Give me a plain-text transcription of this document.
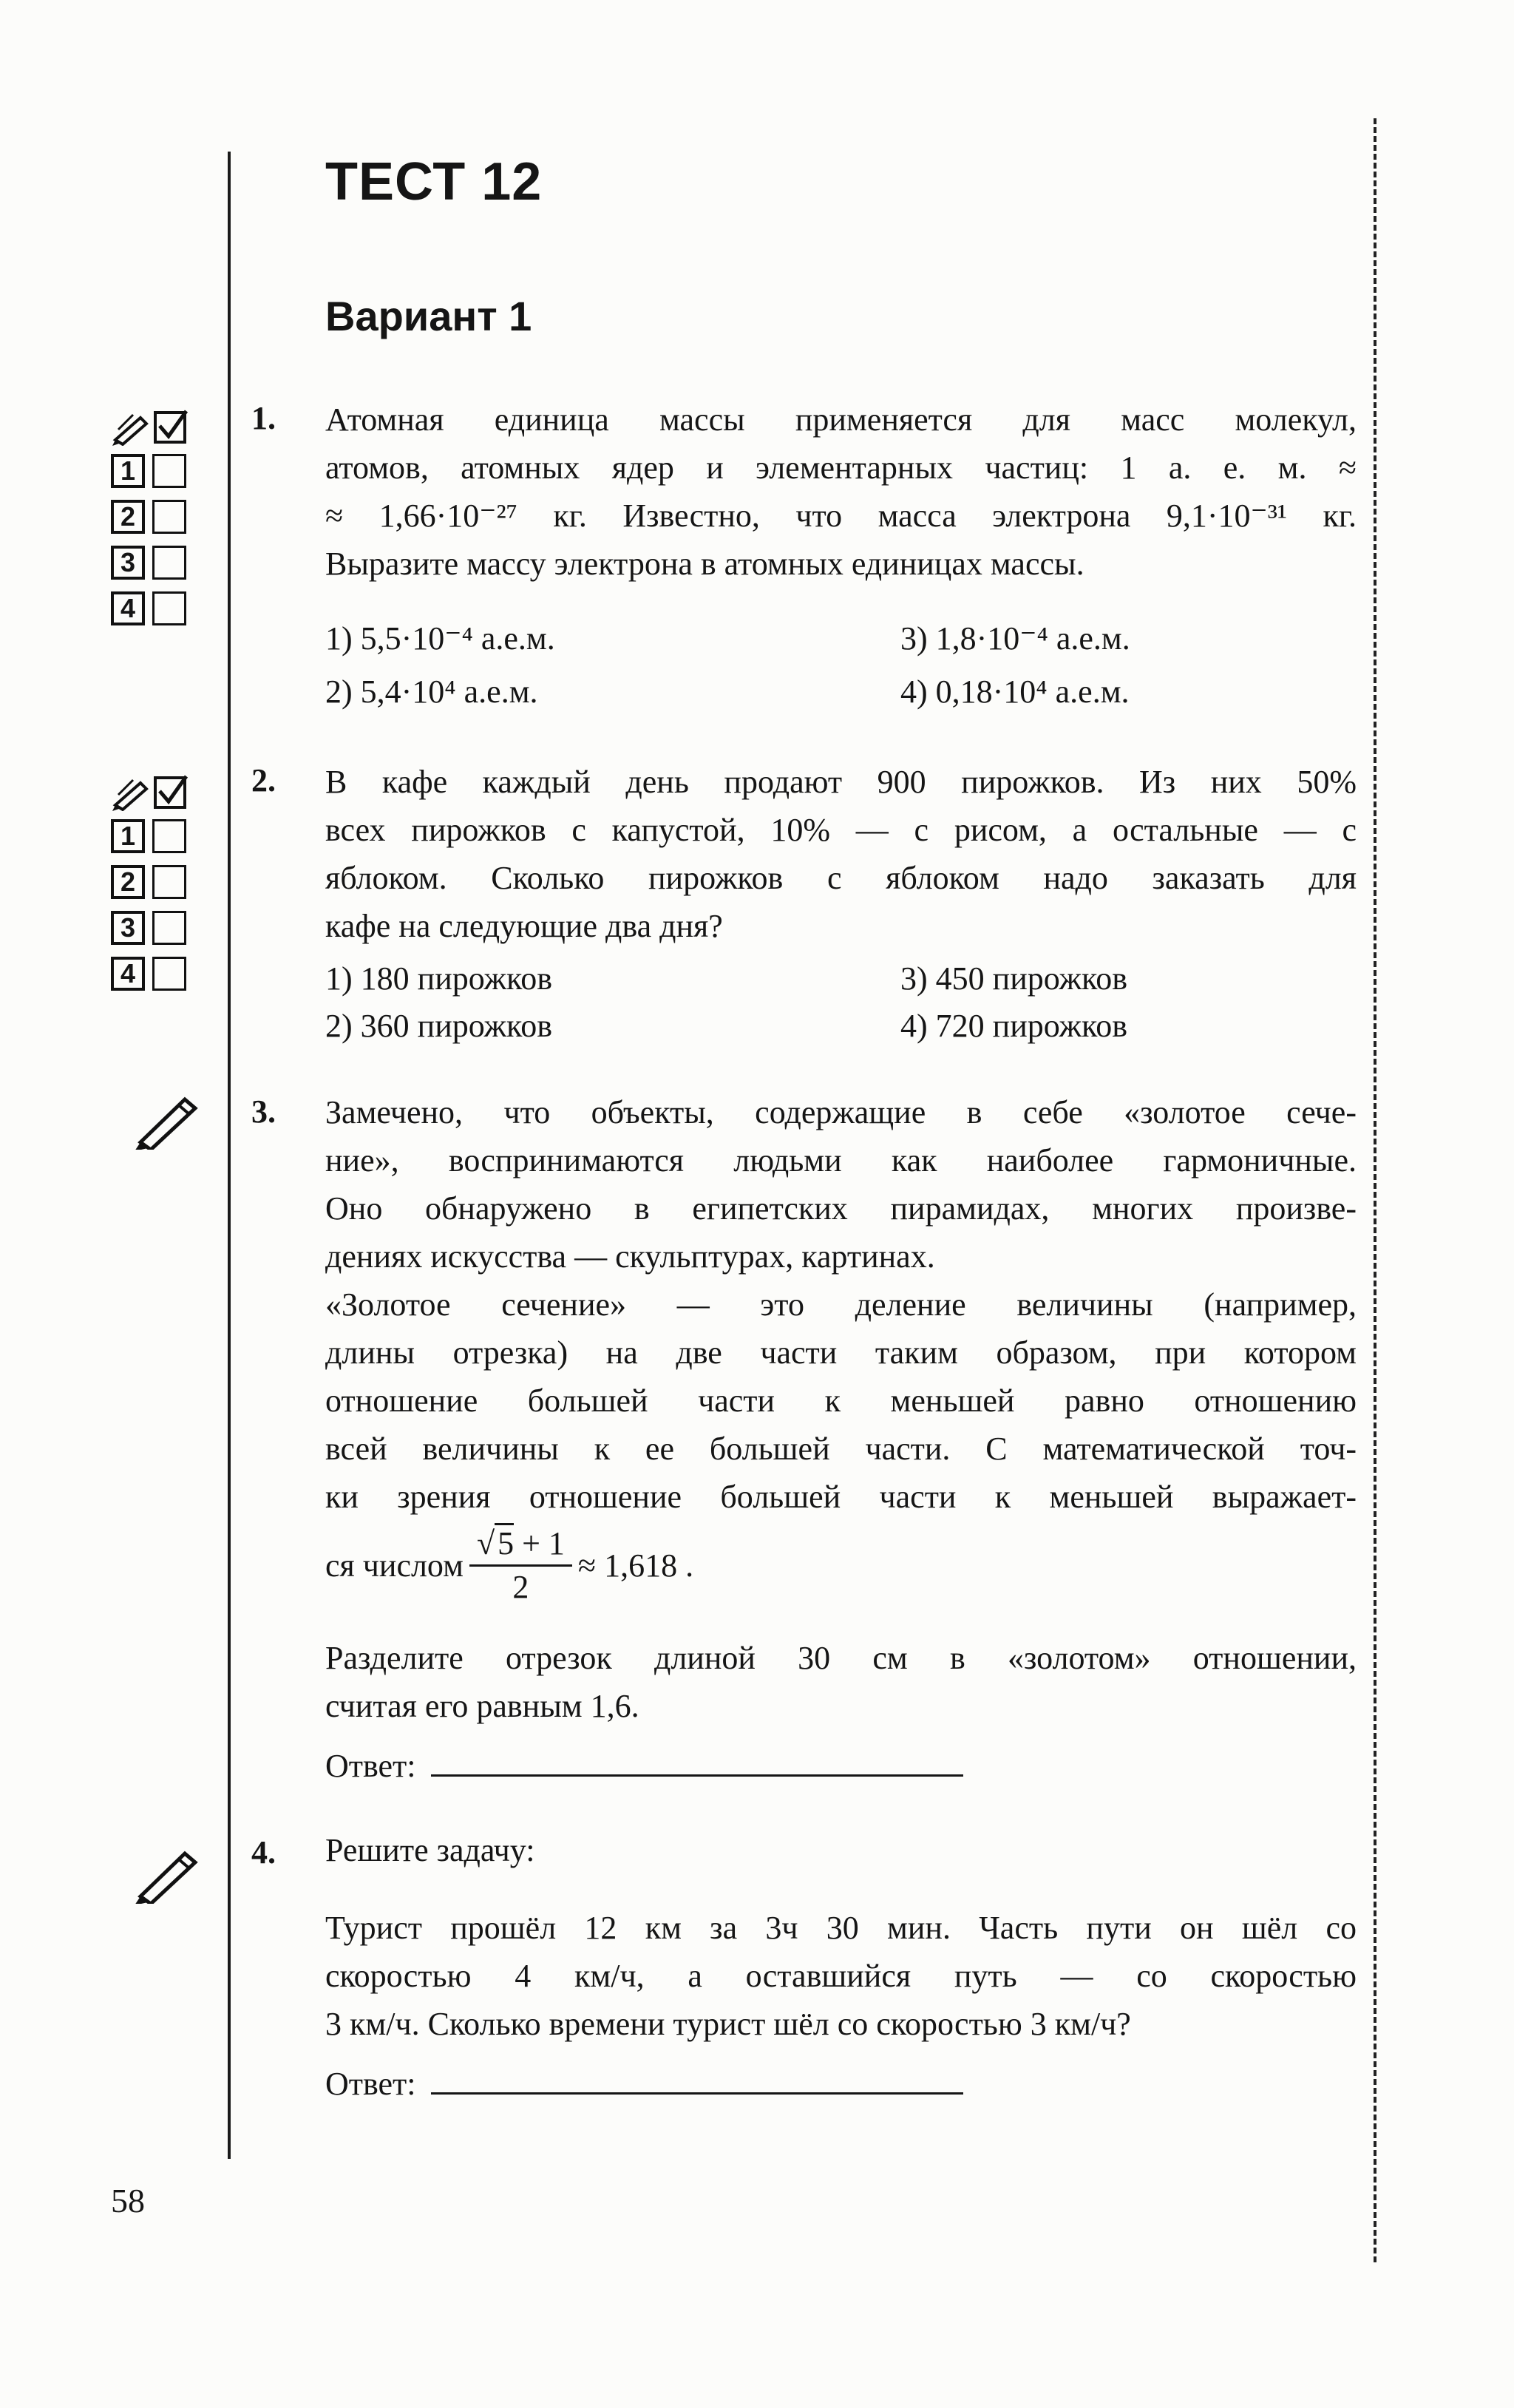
ТЕСТ 12
Вариант 1
1
2
3
4
1
2
3
4
1. Атомная единица массы применяется для масс молекул,
атомов, атомных ядер и элементарных частиц: 1 а. е. м. ≈
≈ 1,66·10⁻²⁷ кг. Известно, что масса электрона 9,1·10⁻³¹ кг.
Выразите массу электрона в атомных единицах массы.
1) 5,5·10⁻⁴ а.е.м.	3) 1,8·10⁻⁴ а.е.м.
2) 5,4·10⁴ а.е.м.	4) 0,18·10⁴ а.е.м.
2. В кафе каждый день продают 900 пирожков. Из них 50%
всех пирожков с капустой, 10% — с рисом, а остальные — с
яблоком. Сколько пирожков с яблоком надо заказать для
кафе на следующие два дня?
1) 180 пирожков	3) 450 пирожков
2) 360 пирожков	4) 720 пирожков
3. Замечено, что объекты, содержащие в себе «золотое сече-
ние», воспринимаются людьми как наиболее гармоничные.
Оно обнаружено в египетских пирамидах, многих произве-
дениях искусства — скульптурах, картинах.
«Золотое сечение» — это деление величины (например,
длины отрезка) на две части таким образом, при котором
отношение большей части к меньшей равно отношению
всей величины к ее большей части. С математической точ-
ки зрения отношение большей части к меньшей выражает-
ся числом $\frac{√5 + 1}{2} \approx 1,618$ .
Разделите отрезок длиной 30 см в «золотом» отношении,
считая его равным 1,6.
Ответ:
4. Решите задачу:
Турист прошёл 12 км за 3ч 30 мин. Часть пути он шёл со
скоростью 4 км/ч, а оставшийся путь — со скоростью
3 км/ч. Сколько времени турист шёл со скоростью 3 км/ч?
Ответ:
58
